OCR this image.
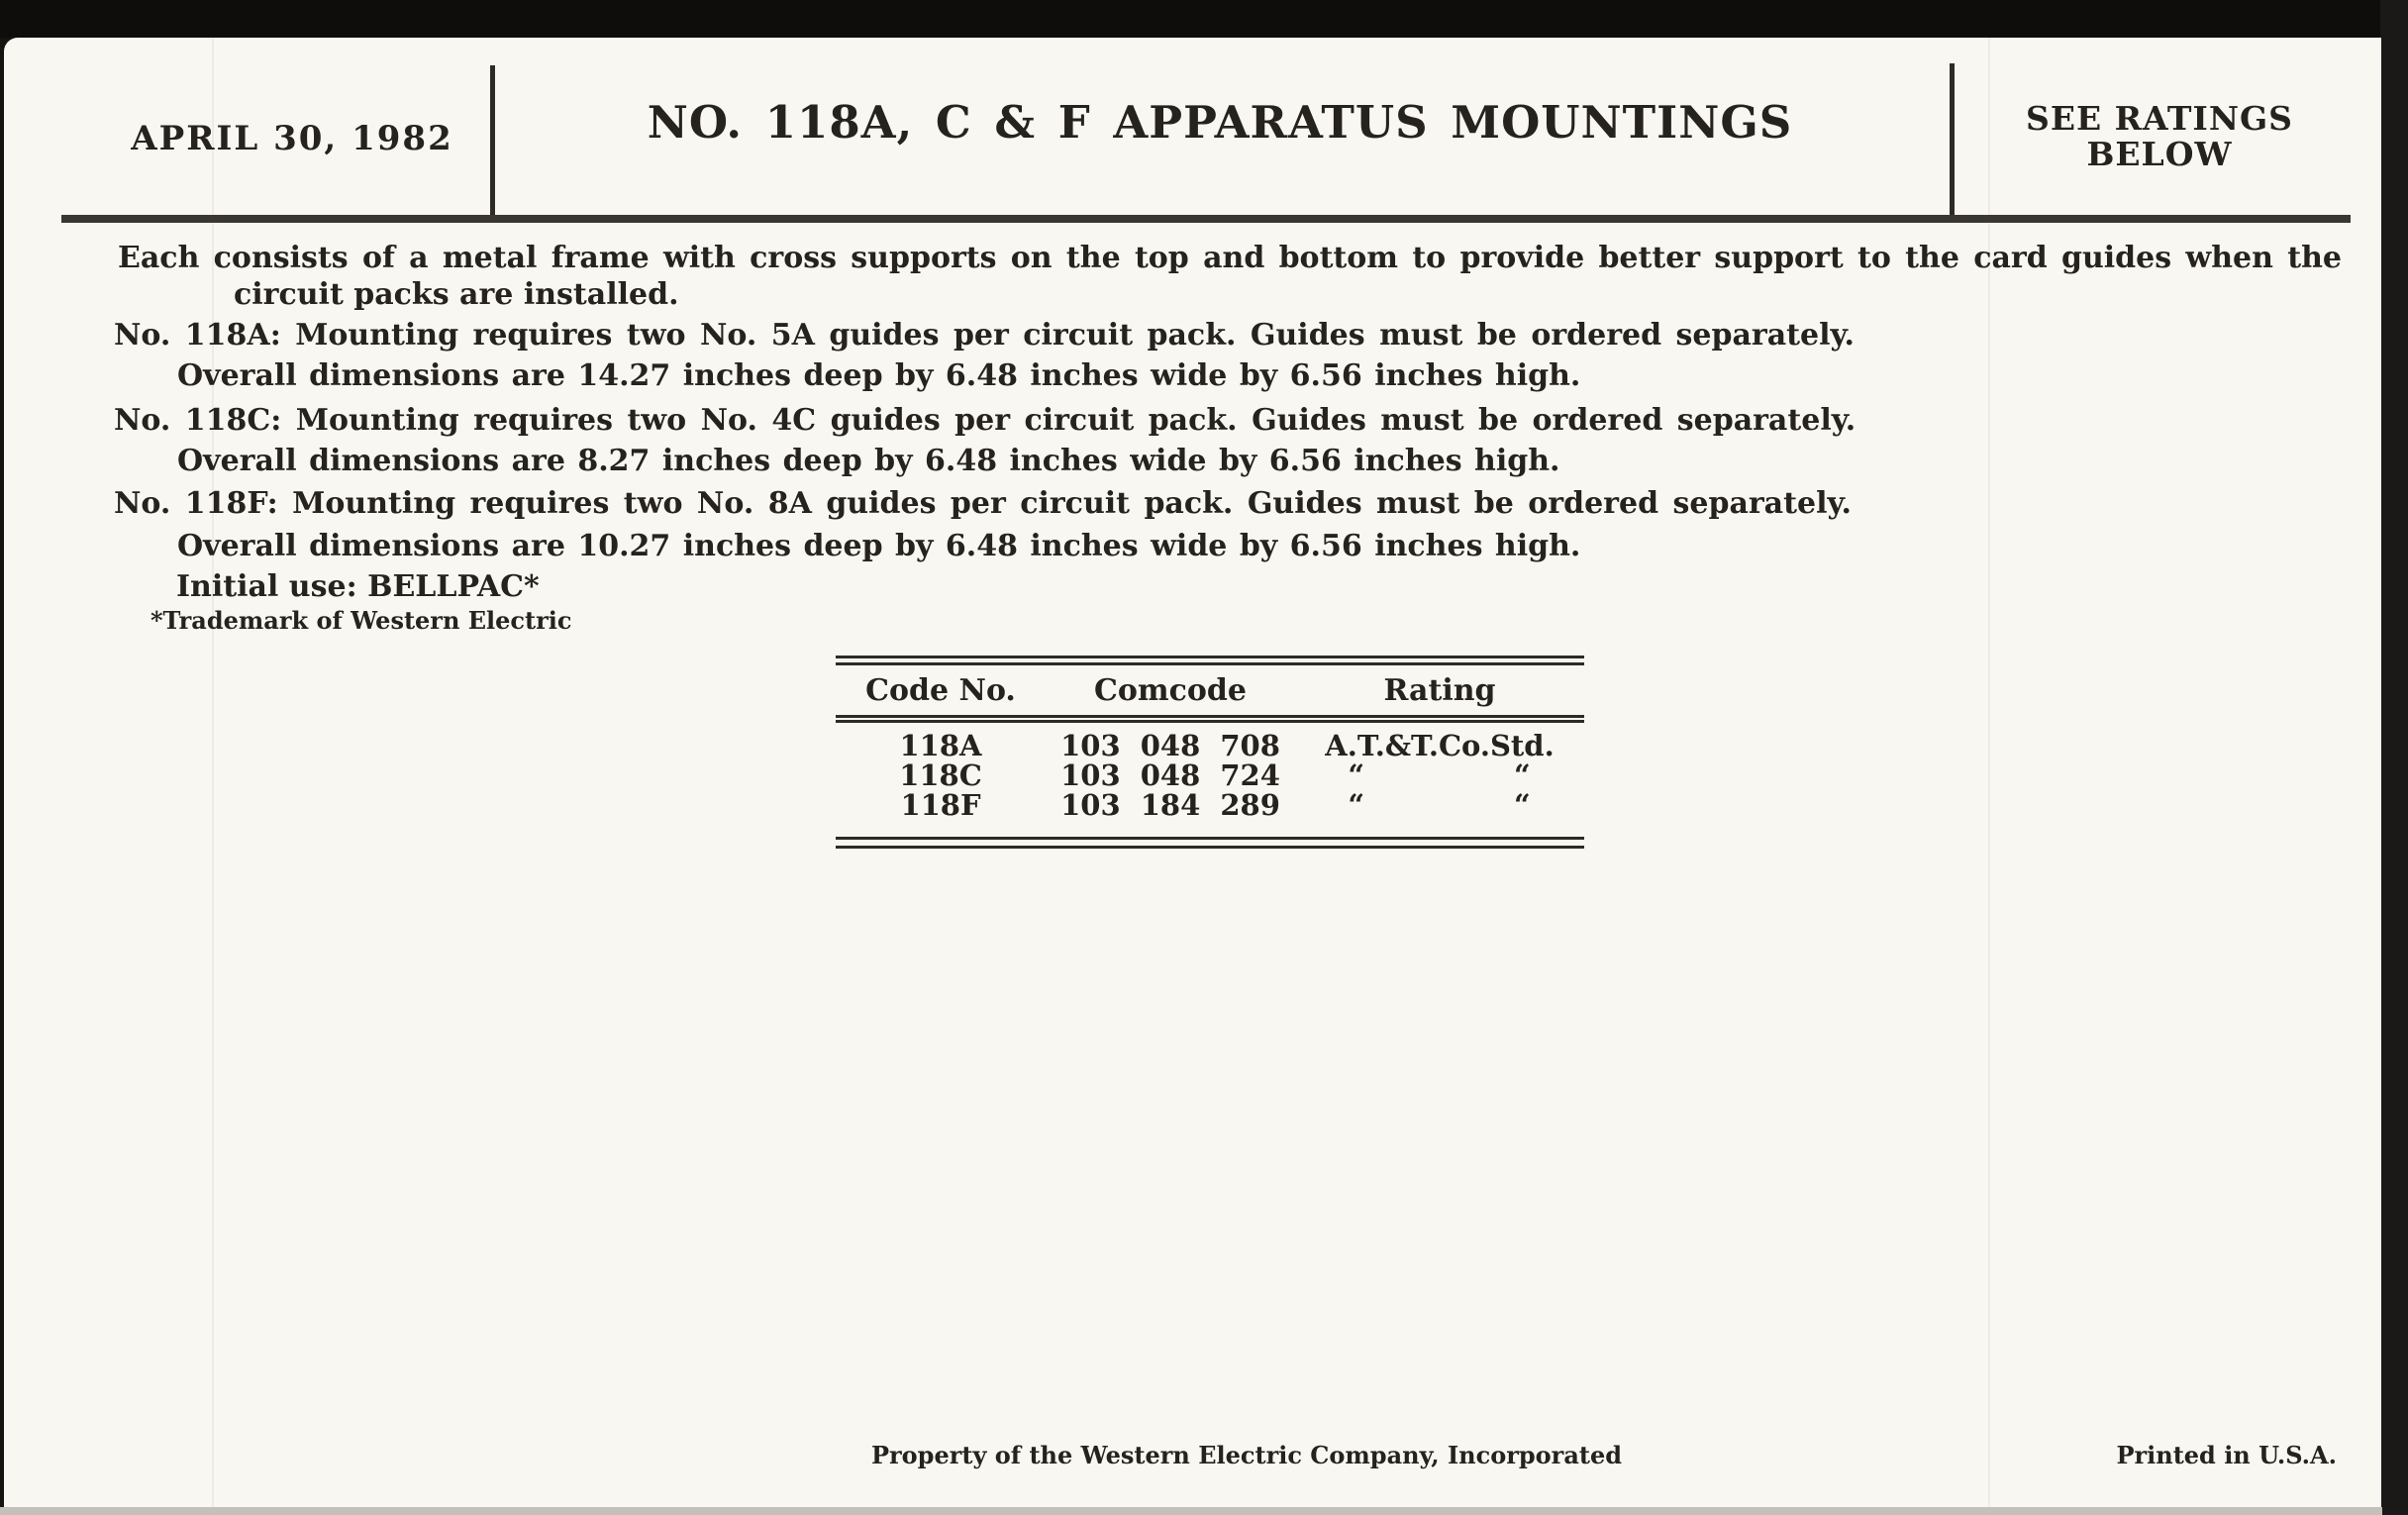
APRIL 30, 1982	NO. 118A, C & F APPARATUS MOUNTINGS	SEE RATINGS
BELOW
Each consists of a metal frame with cross supports on the top and bottom to provide better support to the card guides when the
circuit packs are installed.
No. 118A: Mounting requires two No. 5A guides per circuit pack. Guides must be ordered separately.
Overall dimensions are 14.27 inches deep by 6.48 inches wide by 6.56 inches high.
No. 118C: Mounting requires two No. 4C guides per circuit pack. Guides must be ordered separately.
Overall dimensions are 8.27 inches deep by 6.48 inches wide by 6.56 inches high.
No. 118F: Mounting requires two No. 8A guides per circuit pack. Guides must be ordered separately.
Overall dimensions are 10.27 inches deep by 6.48 inches wide by 6.56 inches high.
Initial use: BELLPAC*
*Trademark of Western Electric
Code No.	Comcode	Rating
118A	103 048 708	A.T.&T.Co.Std.
118C	103 048 724	“     “
118F	103 184 289	“     “
Property of the Western Electric Company, Incorporated	Printed in U.S.A.
